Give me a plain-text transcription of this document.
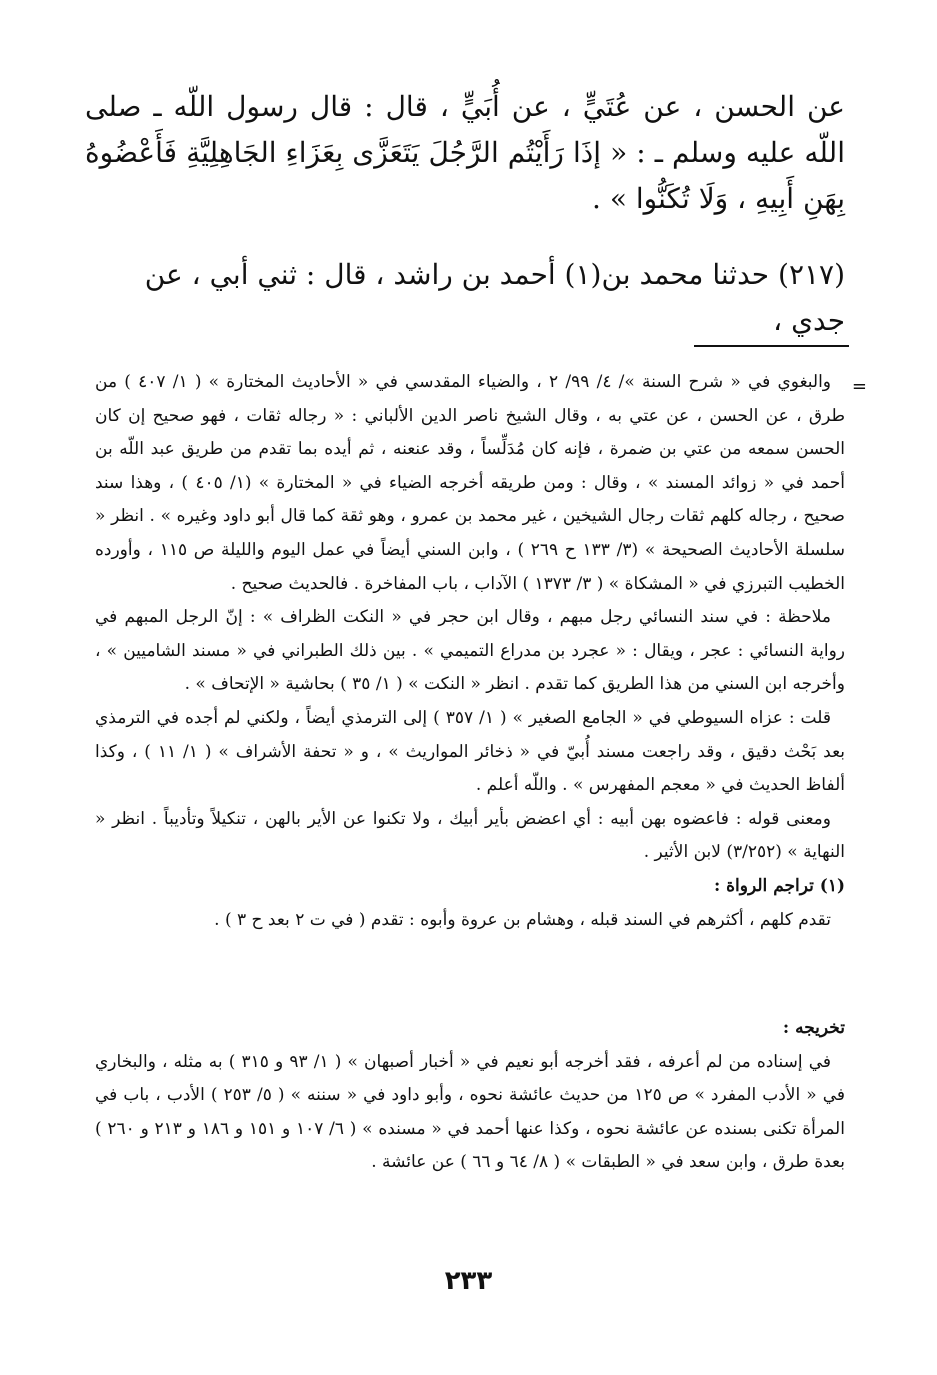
عن الحسن ، عن عُتَيٍّ ، عن أُبَيٍّ ، قال : قال رسول اللّه ـ صلى اللّه عليه وسلم ـ : « إذَا رَأَيْتُم الرَّجُلَ يَتَعَزَّى بِعَزَاءِ الجَاهِلِيَّةِ فَأَعْضُوهُ بِهَنِ أَبِيهِ ، وَلَا تُكَنُّوا » .

(٢١٧) حدثنا محمد بن(١) أحمد بن راشد ، قال : ثني أبي ، عن جدي ،

=

والبغوي في « شرح السنة »/ ٤/ ٩٩/ ٢ ، والضياء المقدسي في « الأحاديث المختارة » ( ١/ ٤٠٧ ) من طرق ، عن الحسن ، عن عتي به ، وقال الشيخ ناصر الدين الألباني : « رجاله ثقات ، فهو صحيح إن كان الحسن سمعه من عتي بن ضمرة ، فإنه كان مُدَلِّساً ، وقد عنعنه ، ثم أيده بما تقدم من طريق عبد اللّه بن أحمد في « زوائد المسند » ، وقال : ومن طريقه أخرجه الضياء في « المختارة » (١/ ٤٠٥ ) ، وهذا سند صحيح ، رجاله كلهم ثقات رجال الشيخين ، غير محمد بن عمرو ، وهو ثقة كما قال أبو داود وغيره » . انظر « سلسلة الأحاديث الصحيحة » (٣/ ١٣٣ ح ٢٦٩ ) ، وابن السني أيضاً في عمل اليوم والليلة ص ١١٥ ، وأورده الخطيب التبرزي في « المشكاة » ( ٣/ ١٣٧٣ ) الآداب ، باب المفاخرة . فالحديث صحيح .

ملاحظة : في سند النسائي رجل مبهم ، وقال ابن حجر في « النكت الظراف » : إنّ الرجل المبهم في رواية النسائي : عجر ، ويقال : « عجرد بن مدراع التميمي » . بين ذلك الطبراني في « مسند الشاميين » ، وأخرجه ابن السني من هذا الطريق كما تقدم . انظر « النكت » ( ١/ ٣٥ ) بحاشية « الإتحاف » .

قلت : عزاه السيوطي في « الجامع الصغير » ( ١/ ٣٥٧ ) إلى الترمذي أيضاً ، ولكني لم أجده في الترمذي بعد بَحْث دقيق ، وقد راجعت مسند أُبيّ في « ذخائر المواريث » ، و « تحفة الأشراف » ( ١/ ١١ ) ، وكذا ألفاظ الحديث في « معجم المفهرس » . واللّه أعلم .

ومعنى قوله : فاعضوه بهن أبيه : أي اعضض بأير أبيك ، ولا تكنوا عن الأير بالهن ، تنكيلاً وتأديباً . انظر « النهاية » (٣/٢٥٢) لابن الأثير .

(١) تراجم الرواة :

تقدم كلهم ، أكثرهم في السند قبله ، وهشام بن عروة وأبوه : تقدم ( في ت ٢ بعد ح ٣ ) .

تخريجه :

في إسناده من لم أعرفه ، فقد أخرجه أبو نعيم في « أخبار أصبهان » ( ١/ ٩٣ و ٣١٥ ) به مثله ، والبخاري في « الأدب المفرد » ص ١٢٥ من حديث عائشة نحوه ، وأبو داود في « سننه » ( ٥/ ٢٥٣ ) الأدب ، باب في المرأة تكنى بسنده عن عائشة نحوه ، وكذا عنها أحمد في « مسنده » ( ٦/ ١٠٧ و ١٥١ و ١٨٦ و ٢١٣ و ٢٦٠ ) بعدة طرق ، وابن سعد في « الطبقات » ( ٨/ ٦٤ و ٦٦ ) عن عائشة .

٢٣٣
